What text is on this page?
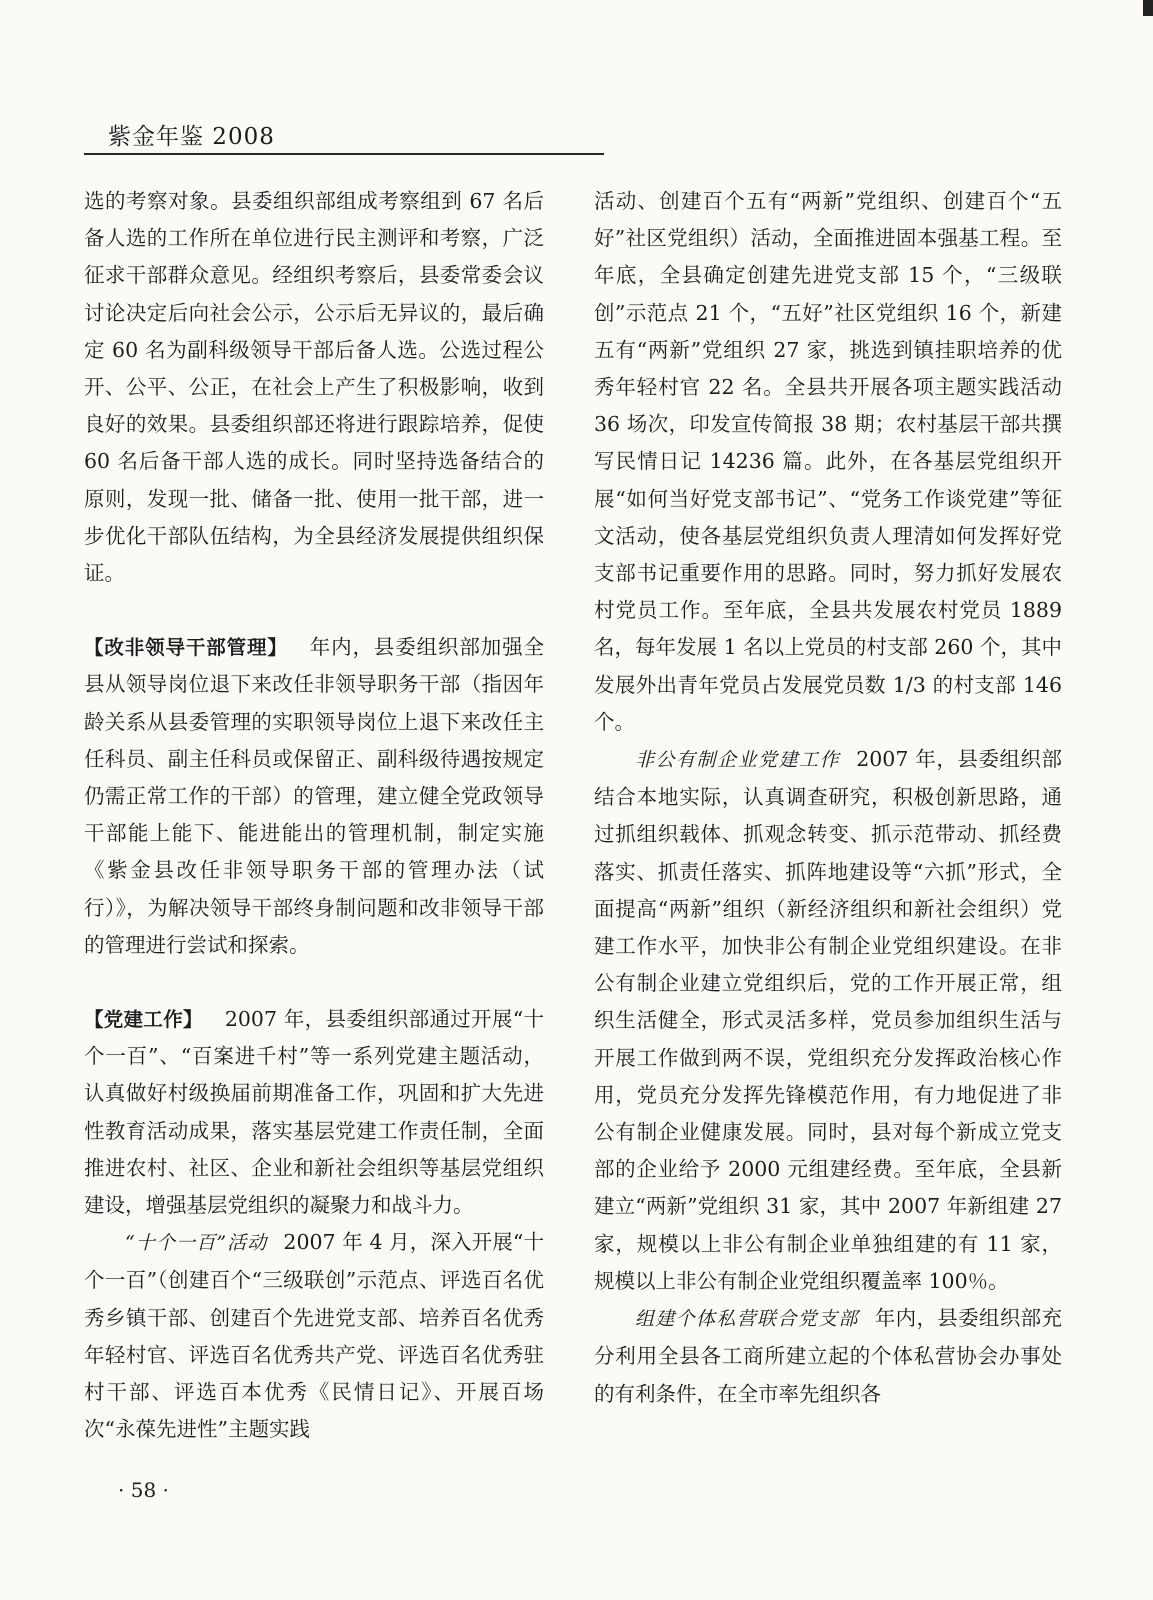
紫金年鉴 2008

选的考察对象。县委组织部组成考察组到 67 名后备人选的工作所在单位进行民主测评和考察，广泛征求干部群众意见。经组织考察后，县委常委会议讨论决定后向社会公示，公示后无异议的，最后确定 60 名为副科级领导干部后备人选。公选过程公开、公平、公正，在社会上产生了积极影响，收到良好的效果。县委组织部还将进行跟踪培养，促使 60 名后备干部人选的成长。同时坚持选备结合的原则，发现一批、储备一批、使用一批干部，进一步优化干部队伍结构，为全县经济发展提供组织保证。

【改非领导干部管理】 年内，县委组织部加强全县从领导岗位退下来改任非领导职务干部（指因年龄关系从县委管理的实职领导岗位上退下来改任主任科员、副主任科员或保留正、副科级待遇按规定仍需正常工作的干部）的管理，建立健全党政领导干部能上能下、能进能出的管理机制，制定实施《紫金县改任非领导职务干部的管理办法（试行）》，为解决领导干部终身制问题和改非领导干部的管理进行尝试和探索。

【党建工作】 2007 年，县委组织部通过开展“十个一百”、“百案进千村”等一系列党建主题活动，认真做好村级换届前期准备工作，巩固和扩大先进性教育活动成果，落实基层党建工作责任制，全面推进农村、社区、企业和新社会组织等基层党组织建设，增强基层党组织的凝聚力和战斗力。

“十个一百”活动 2007 年 4 月，深入开展“十个一百”（创建百个“三级联创”示范点、评选百名优秀乡镇干部、创建百个先进党支部、培养百名优秀年轻村官、评选百名优秀共产党、评选百名优秀驻村干部、评选百本优秀《民情日记》、开展百场次“永葆先进性”主题实践

活动、创建百个五有“两新”党组织、创建百个“五好”社区党组织）活动，全面推进固本强基工程。至年底，全县确定创建先进党支部 15 个，“三级联创”示范点 21 个，“五好”社区党组织 16 个，新建五有“两新”党组织 27 家，挑选到镇挂职培养的优秀年轻村官 22 名。全县共开展各项主题实践活动 36 场次，印发宣传简报 38 期；农村基层干部共撰写民情日记 14236 篇。此外，在各基层党组织开展“如何当好党支部书记”、“党务工作谈党建”等征文活动，使各基层党组织负责人理清如何发挥好党支部书记重要作用的思路。同时，努力抓好发展农村党员工作。至年底，全县共发展农村党员 1889 名，每年发展 1 名以上党员的村支部 260 个，其中发展外出青年党员占发展党员数 1/3 的村支部 146 个。

非公有制企业党建工作 2007 年，县委组织部结合本地实际，认真调查研究，积极创新思路，通过抓组织载体、抓观念转变、抓示范带动、抓经费落实、抓责任落实、抓阵地建设等“六抓”形式，全面提高“两新”组织（新经济组织和新社会组织）党建工作水平，加快非公有制企业党组织建设。在非公有制企业建立党组织后，党的工作开展正常，组织生活健全，形式灵活多样，党员参加组织生活与开展工作做到两不误，党组织充分发挥政治核心作用，党员充分发挥先锋模范作用，有力地促进了非公有制企业健康发展。同时，县对每个新成立党支部的企业给予 2000 元组建经费。至年底，全县新建立“两新”党组织 31 家，其中 2007 年新组建 27 家，规模以上非公有制企业单独组建的有 11 家，规模以上非公有制企业党组织覆盖率 100％。

组建个体私营联合党支部 年内，县委组织部充分利用全县各工商所建立起的个体私营协会办事处的有利条件，在全市率先组织各

· 58 ·
